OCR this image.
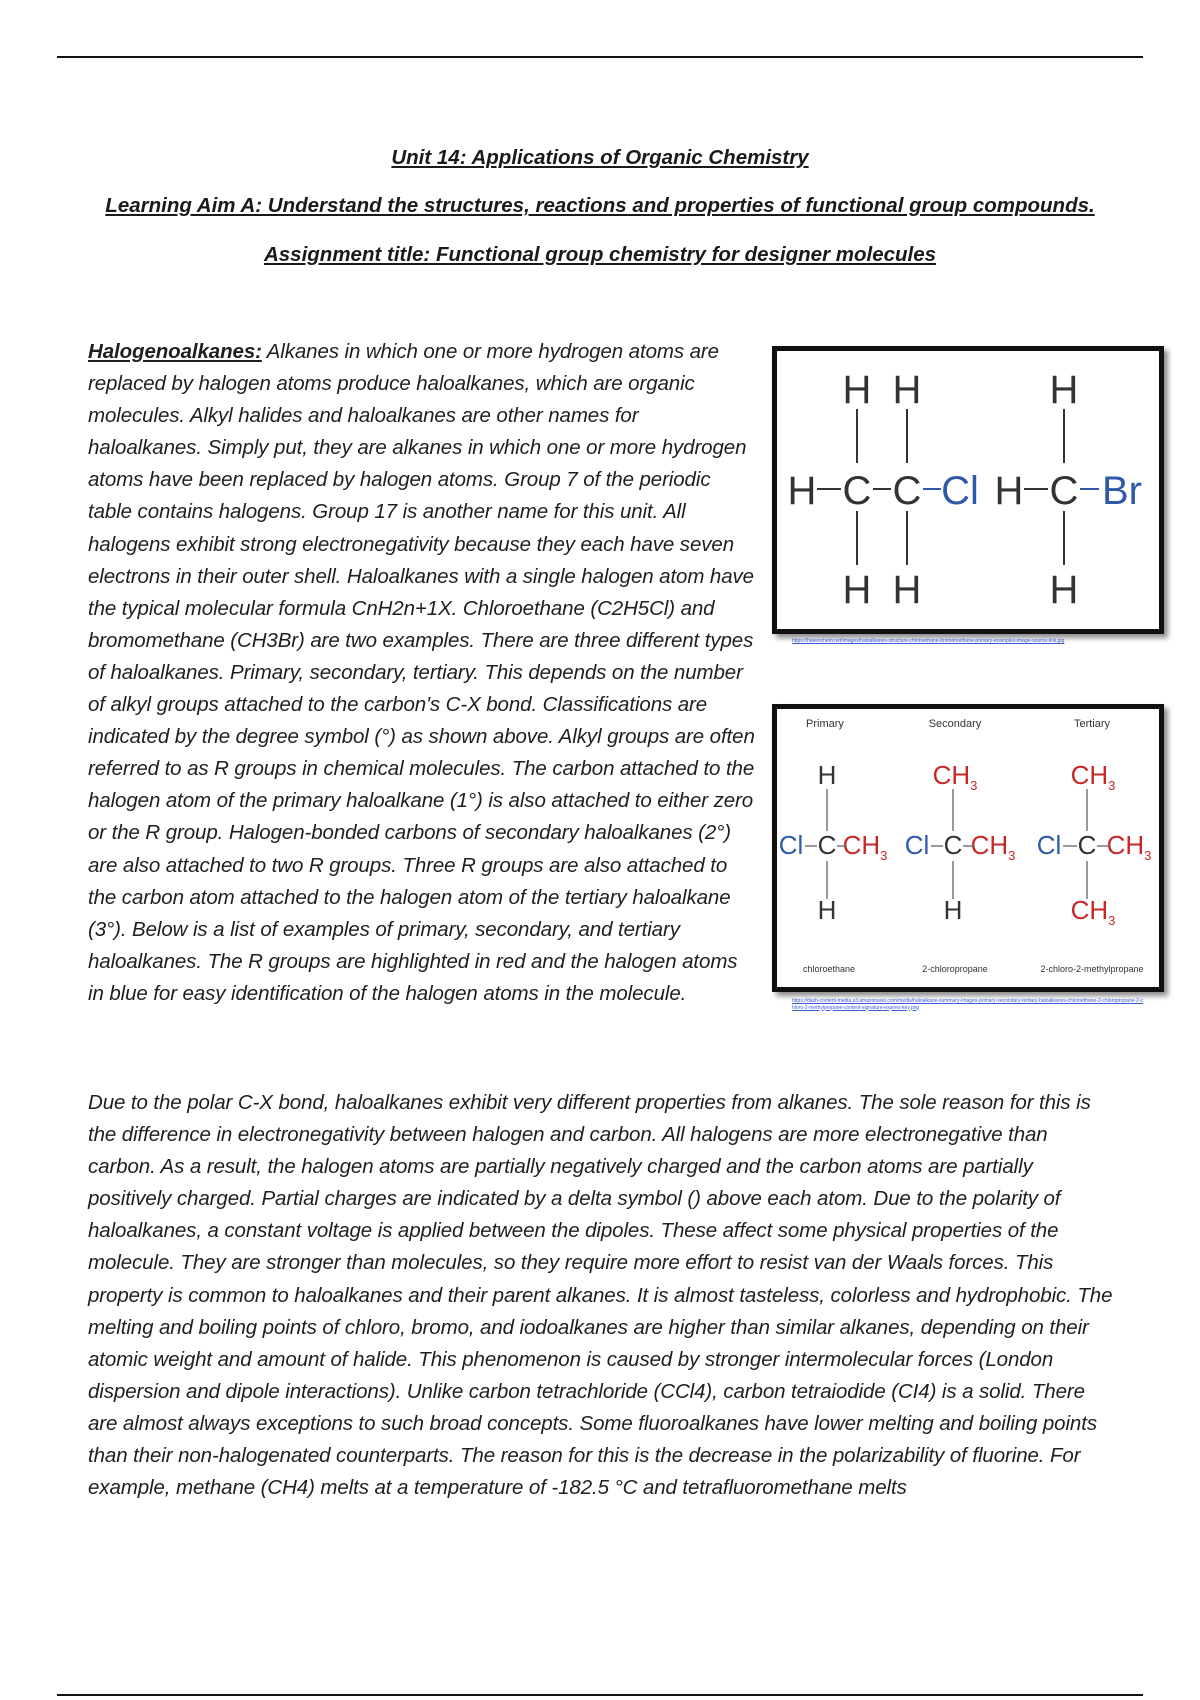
Unit 14: Applications of Organic Chemistry
Learning Aim A: Understand the structures, reactions and properties of functional group compounds.
Assignment title: Functional group chemistry for designer molecules

Halogenoalkanes: Alkanes in which one or more hydrogen atoms are replaced by halogen atoms produce haloalkanes, which are organic molecules. Alkyl halides and haloalkanes are other names for haloalkanes. Simply put, they are alkanes in which one or more hydrogen atoms have been replaced by halogen atoms. Group 7 of the periodic table contains halogens. Group 17 is another name for this unit. All halogens exhibit strong electronegativity because they each have seven electrons in their outer shell. Haloalkanes with a single halogen atom have the typical molecular formula CnH2n+1X. Chloroethane (C2H5Cl) and bromomethane (CH3Br) are two examples. There are three different types of haloalkanes. Primary, secondary, tertiary. This depends on the number of alkyl groups attached to the carbon's C-X bond. Classifications are indicated by the degree symbol (°) as shown above. Alkyl groups are often referred to as R groups in chemical molecules. The carbon attached to the halogen atom of the primary haloalkane (1°) is also attached to either zero or the R group. Halogen-bonded carbons of secondary haloalkanes (2°) are also attached to two R groups. Three R groups are also attached to the carbon atom attached to the halogen atom of the tertiary haloalkane (3°). Below is a list of examples of primary, secondary, and tertiary haloalkanes. The R groups are highlighted in red and the halogen atoms in blue for easy identification of the halogen atoms in the molecule.

H H
H C C Cl
H H
H
H C Br
H
https://hakenchem.net/images/haloalkanes-structure-chloroethane-bromomethane-primary-examples-image-source-link.jpg
Primary	Secondary	Tertiary
chloroethane	2-chloropropane	2-chloro-2-methylpropane
H
Cl C $CH_3$
H
$CH_3$
Cl C $CH_3$
H
$CH_3$
Cl C $CH_3$
$CH_3$
https://dash-content-media.s3.amazonaws.com/media/haloalkane-summary-images-primary-secondary-tertiary-haloalkanes-chloroethane-2-chloropropane-2-chloro-2-methylpropane-content-signature-expires-key.png

Due to the polar C-X bond, haloalkanes exhibit very different properties from alkanes. The sole reason for this is the difference in electronegativity between halogen and carbon. All halogens are more electronegative than carbon. As a result, the halogen atoms are partially negatively charged and the carbon atoms are partially positively charged. Partial charges are indicated by a delta symbol () above each atom. Due to the polarity of haloalkanes, a constant voltage is applied between the dipoles. These affect some physical properties of the molecule. They are stronger than molecules, so they require more effort to resist van der Waals forces. This property is common to haloalkanes and their parent alkanes. It is almost tasteless, colorless and hydrophobic. The melting and boiling points of chloro, bromo, and iodoalkanes are higher than similar alkanes, depending on their atomic weight and amount of halide. This phenomenon is caused by stronger intermolecular forces (London dispersion and dipole interactions). Unlike carbon tetrachloride (CCl4), carbon tetraiodide (CI4) is a solid. There are almost always exceptions to such broad concepts. Some fluoroalkanes have lower melting and boiling points than their non-halogenated counterparts. The reason for this is the decrease in the polarizability of fluorine. For example, methane (CH4) melts at a temperature of -182.5 °C and tetrafluoromethane melts
